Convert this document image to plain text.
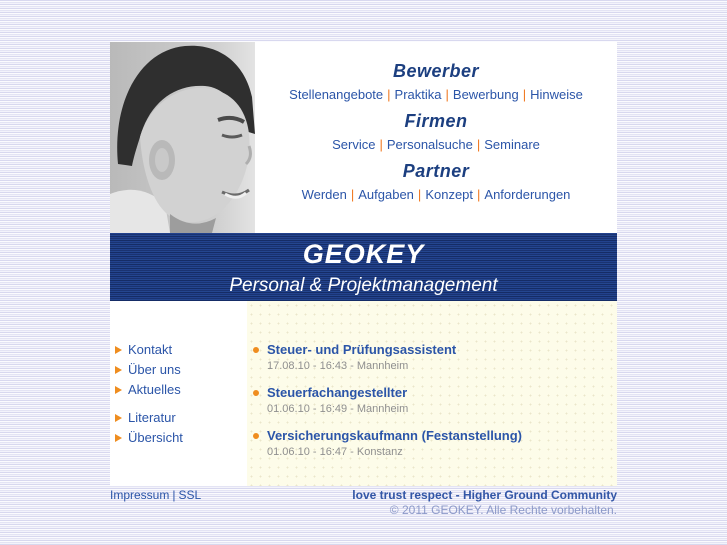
Bewerber
Stellenangebote | Praktika | Bewerbung | Hinweise
Firmen
Service | Personalsuche | Seminare
Partner
Werden | Aufgaben | Konzept | Anforderungen
GEOKEY
Personal & Projektmanagement
Kontakt
Über uns
Aktuelles
Literatur
Übersicht
Steuer- und Prüfungsassistent
17.08.10 - 16:43 - Mannheim
Steuerfachangestellter
01.06.10 - 16:49 - Mannheim
Versicherungskaufmann (Festanstellung)
01.06.10 - 16:47 - Konstanz
Impressum | SSL	love trust respect - Higher Ground Community
© 2011 GEOKEY. Alle Rechte vorbehalten.
